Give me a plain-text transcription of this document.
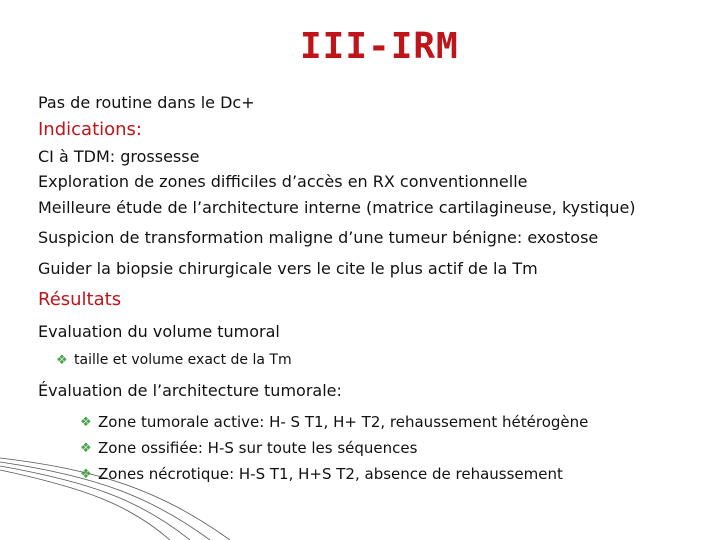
III-IRM

Pas de routine dans le Dc+

Indications:

CI à TDM: grossesse

Exploration de zones difficiles d’accès en RX conventionnelle

Meilleure étude de l’architecture interne (matrice cartilagineuse, kystique)

Suspicion de transformation maligne d’une tumeur bénigne: exostose

Guider la biopsie chirurgicale vers le cite le plus actif de la Tm

Résultats

Evaluation du volume tumoral

❖ taille et volume exact de la Tm

Évaluation de l’architecture tumorale:

❖ Zone tumorale active: H- S T1, H+ T2, rehaussement hétérogène
❖ Zone ossifiée: H-S sur toute les séquences
❖ Zones nécrotique: H-S T1, H+S T2, absence de rehaussement
